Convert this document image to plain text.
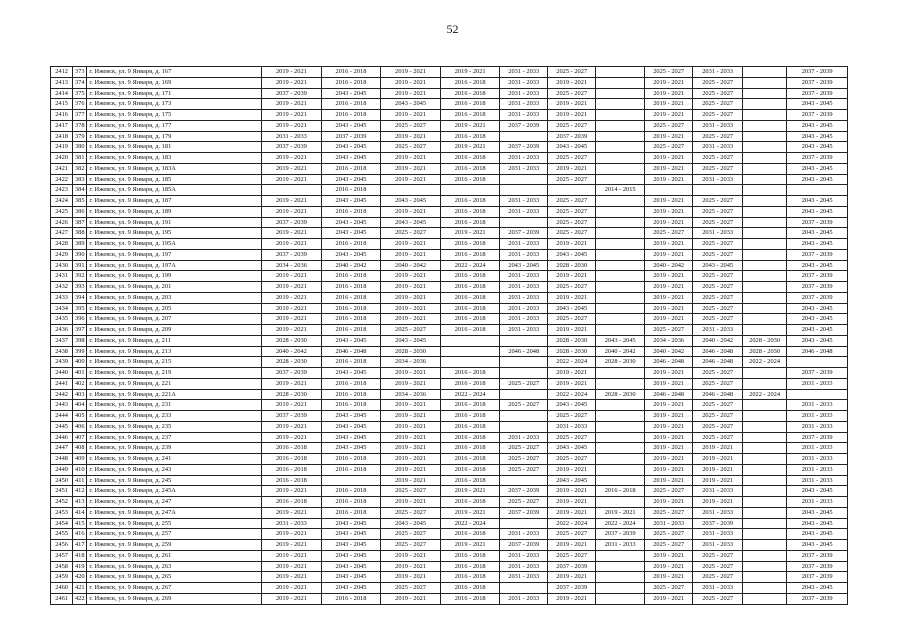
52
2412	373	г. Ижевск, ул. 9 Января, д. 167	2019 - 2021	2016 - 2018	2019 - 2021	2019 - 2021	2031 - 2033	2025 - 2027		2025 - 2027	2031 - 2033		2037 - 2039
2413	374	г. Ижевск, ул. 9 Января, д. 169	2019 - 2021	2016 - 2018	2019 - 2021	2016 - 2018	2031 - 2033	2019 - 2021		2019 - 2021	2025 - 2027		2037 - 2039
2414	375	г. Ижевск, ул. 9 Января, д. 171	2037 - 2039	2043 - 2045	2019 - 2021	2016 - 2018	2031 - 2033	2025 - 2027		2019 - 2021	2025 - 2027		2037 - 2039
2415	376	г. Ижевск, ул. 9 Января, д. 173	2019 - 2021	2016 - 2018	2043 - 2045	2016 - 2018	2031 - 2033	2019 - 2021		2019 - 2021	2025 - 2027		2043 - 2045
2416	377	г. Ижевск, ул. 9 Января, д. 175	2019 - 2021	2016 - 2018	2019 - 2021	2016 - 2018	2031 - 2033	2019 - 2021		2019 - 2021	2025 - 2027		2037 - 2039
2417	378	г. Ижевск, ул. 9 Января, д. 177	2019 - 2021	2043 - 2045	2025 - 2027	2019 - 2021	2037 - 2039	2025 - 2027		2025 - 2027	2031 - 2033		2043 - 2045
2418	379	г. Ижевск, ул. 9 Января, д. 179	2031 - 2033	2037 - 2039	2019 - 2021	2016 - 2018		2037 - 2039		2019 - 2021	2025 - 2027		2043 - 2045
2419	380	г. Ижевск, ул. 9 Января, д. 181	2037 - 2039	2043 - 2045	2025 - 2027	2019 - 2021	2037 - 2039	2043 - 2045		2025 - 2027	2031 - 2033		2043 - 2045
2420	381	г. Ижевск, ул. 9 Января, д. 183	2019 - 2021	2043 - 2045	2019 - 2021	2016 - 2018	2031 - 2033	2025 - 2027		2019 - 2021	2025 - 2027		2037 - 2039
2421	382	г. Ижевск, ул. 9 Января, д. 183А	2019 - 2021	2016 - 2018	2019 - 2021	2016 - 2018	2031 - 2033	2019 - 2021		2019 - 2021	2025 - 2027		2043 - 2045
2422	383	г. Ижевск, ул. 9 Января, д. 185	2019 - 2021	2043 - 2045	2019 - 2021	2016 - 2018		2025 - 2027		2019 - 2021	2031 - 2033		2043 - 2045
2423	384	г. Ижевск, ул. 9 Января, д. 185А		2016 - 2018					2014 - 2015				
2424	385	г. Ижевск, ул. 9 Января, д. 187	2019 - 2021	2043 - 2045	2043 - 2045	2016 - 2018	2031 - 2033	2025 - 2027		2019 - 2021	2025 - 2027		2043 - 2045
2425	386	г. Ижевск, ул. 9 Января, д. 189	2019 - 2021	2016 - 2018	2019 - 2021	2016 - 2018	2031 - 2033	2025 - 2027		2019 - 2021	2025 - 2027		2043 - 2045
2426	387	г. Ижевск, ул. 9 Января, д. 191	2037 - 2039	2043 - 2045	2043 - 2045	2016 - 2018		2025 - 2027		2019 - 2021	2025 - 2027		2037 - 2039
2427	388	г. Ижевск, ул. 9 Января, д. 195	2019 - 2021	2043 - 2045	2025 - 2027	2019 - 2021	2037 - 2039	2025 - 2027		2025 - 2027	2031 - 2033		2043 - 2045
2428	389	г. Ижевск, ул. 9 Января, д. 195А	2019 - 2021	2016 - 2018	2019 - 2021	2016 - 2018	2031 - 2033	2019 - 2021		2019 - 2021	2025 - 2027		2043 - 2045
2429	390	г. Ижевск, ул. 9 Января, д. 197	2037 - 2039	2043 - 2045	2019 - 2021	2016 - 2018	2031 - 2033	2043 - 2045		2019 - 2021	2025 - 2027		2037 - 2039
2430	391	г. Ижевск, ул. 9 Января, д. 197А	2034 - 2036	2040 - 2042	2040 - 2042	2022 - 2024	2043 - 2045	2028 - 2030		2040 - 2042	2043 - 2045		2043 - 2045
2431	392	г. Ижевск, ул. 9 Января, д. 199	2019 - 2021	2016 - 2018	2019 - 2021	2016 - 2018	2031 - 2033	2019 - 2021		2019 - 2021	2025 - 2027		2037 - 2039
2432	393	г. Ижевск, ул. 9 Января, д. 201	2019 - 2021	2016 - 2018	2019 - 2021	2016 - 2018	2031 - 2033	2025 - 2027		2019 - 2021	2025 - 2027		2037 - 2039
2433	394	г. Ижевск, ул. 9 Января, д. 203	2019 - 2021	2016 - 2018	2019 - 2021	2016 - 2018	2031 - 2033	2019 - 2021		2019 - 2021	2025 - 2027		2037 - 2039
2434	395	г. Ижевск, ул. 9 Января, д. 205	2019 - 2021	2016 - 2018	2019 - 2021	2016 - 2018	2031 - 2033	2043 - 2045		2019 - 2021	2025 - 2027		2043 - 2045
2435	396	г. Ижевск, ул. 9 Января, д. 207	2019 - 2021	2016 - 2018	2019 - 2021	2016 - 2018	2031 - 2033	2025 - 2027		2019 - 2021	2025 - 2027		2043 - 2045
2436	397	г. Ижевск, ул. 9 Января, д. 209	2019 - 2021	2016 - 2018	2025 - 2027	2016 - 2018	2031 - 2033	2019 - 2021		2025 - 2027	2031 - 2033		2043 - 2045
2437	398	г. Ижевск, ул. 9 Января, д. 211	2028 - 2030	2043 - 2045	2043 - 2045			2028 - 2030	2043 - 2045	2034 - 2036	2040 - 2042	2028 - 2030	2043 - 2045
2438	399	г. Ижевск, ул. 9 Января, д. 213	2040 - 2042	2046 - 2048	2028 - 2030		2046 - 2048	2028 - 2030	2040 - 2042	2040 - 2042	2046 - 2048	2028 - 2030	2046 - 2048
2439	400	г. Ижевск, ул. 9 Января, д. 215	2028 - 2030	2016 - 2018	2034 - 2036			2022 - 2024	2028 - 2030	2046 - 2048	2046 - 2048	2022 - 2024	
2440	401	г. Ижевск, ул. 9 Января, д. 219	2037 - 2039	2043 - 2045	2019 - 2021	2016 - 2018		2019 - 2021		2019 - 2021	2025 - 2027		2037 - 2039
2441	402	г. Ижевск, ул. 9 Января, д. 221	2019 - 2021	2016 - 2018	2019 - 2021	2016 - 2018	2025 - 2027	2019 - 2021		2019 - 2021	2025 - 2027		2031 - 2033
2442	403	г. Ижевск, ул. 9 Января, д. 221А	2028 - 2030	2016 - 2018	2034 - 2036	2022 - 2024		2022 - 2024	2028 - 2030	2046 - 2048	2046 - 2048	2022 - 2024	
2443	404	г. Ижевск, ул. 9 Января, д. 231	2019 - 2021	2016 - 2018	2019 - 2021	2016 - 2018	2025 - 2027	2043 - 2045		2019 - 2021	2025 - 2027		2031 - 2033
2444	405	г. Ижевск, ул. 9 Января, д. 233	2037 - 2039	2043 - 2045	2019 - 2021	2016 - 2018		2025 - 2027		2019 - 2021	2025 - 2027		2031 - 2033
2445	406	г. Ижевск, ул. 9 Января, д. 235	2019 - 2021	2043 - 2045	2019 - 2021	2016 - 2018		2031 - 2033		2019 - 2021	2025 - 2027		2031 - 2033
2446	407	г. Ижевск, ул. 9 Января, д. 237	2019 - 2021	2043 - 2045	2019 - 2021	2016 - 2018	2031 - 2033	2025 - 2027		2019 - 2021	2025 - 2027		2037 - 2039
2447	408	г. Ижевск, ул. 9 Января, д. 239	2016 - 2018	2043 - 2045	2019 - 2021	2016 - 2018	2025 - 2027	2043 - 2045		2019 - 2021	2019 - 2021		2031 - 2033
2448	409	г. Ижевск, ул. 9 Января, д. 241	2016 - 2018	2016 - 2018	2019 - 2021	2016 - 2018	2025 - 2027	2025 - 2027		2019 - 2021	2019 - 2021		2031 - 2033
2449	410	г. Ижевск, ул. 9 Января, д. 243	2016 - 2018	2016 - 2018	2019 - 2021	2016 - 2018	2025 - 2027	2019 - 2021		2019 - 2021	2019 - 2021		2031 - 2033
2450	411	г. Ижевск, ул. 9 Января, д. 245	2016 - 2018		2019 - 2021	2016 - 2018		2043 - 2045		2019 - 2021	2019 - 2021		2031 - 2033
2451	412	г. Ижевск, ул. 9 Января, д. 245А	2019 - 2021	2016 - 2018	2025 - 2027	2019 - 2021	2037 - 2039	2019 - 2021	2016 - 2018	2025 - 2027	2031 - 2033		2043 - 2045
2452	413	г. Ижевск, ул. 9 Января, д. 247	2016 - 2018	2016 - 2018	2019 - 2021	2016 - 2018	2025 - 2027	2019 - 2021		2019 - 2021	2019 - 2021		2031 - 2033
2453	414	г. Ижевск, ул. 9 Января, д. 247А	2019 - 2021	2016 - 2018	2025 - 2027	2019 - 2021	2037 - 2039	2019 - 2021	2019 - 2021	2025 - 2027	2031 - 2033		2043 - 2045
2454	415	г. Ижевск, ул. 9 Января, д. 255	2031 - 2033	2043 - 2045	2043 - 2045	2022 - 2024		2022 - 2024	2022 - 2024	2031 - 2033	2037 - 2039		2043 - 2045
2455	416	г. Ижевск, ул. 9 Января, д. 257	2019 - 2021	2043 - 2045	2025 - 2027	2016 - 2018	2031 - 2033	2025 - 2027	2037 - 2039	2025 - 2027	2031 - 2033		2043 - 2045
2456	417	г. Ижевск, ул. 9 Января, д. 259	2019 - 2021	2043 - 2045	2025 - 2027	2019 - 2021	2037 - 2039	2019 - 2021	2031 - 2033	2025 - 2027	2031 - 2033		2043 - 2045
2457	418	г. Ижевск, ул. 9 Января, д. 261	2019 - 2021	2043 - 2045	2019 - 2021	2016 - 2018	2031 - 2033	2025 - 2027		2019 - 2021	2025 - 2027		2037 - 2039
2458	419	г. Ижевск, ул. 9 Января, д. 263	2019 - 2021	2043 - 2045	2019 - 2021	2016 - 2018	2031 - 2033	2037 - 2039		2019 - 2021	2025 - 2027		2037 - 2039
2459	420	г. Ижевск, ул. 9 Января, д. 265	2019 - 2021	2043 - 2045	2019 - 2021	2016 - 2018	2031 - 2033	2019 - 2021		2019 - 2021	2025 - 2027		2037 - 2039
2460	421	г. Ижевск, ул. 9 Января, д. 267	2019 - 2021	2043 - 2045	2025 - 2027	2016 - 2018		2037 - 2039		2025 - 2027	2031 - 2033		2043 - 2045
2461	422	г. Ижевск, ул. 9 Января, д. 269	2019 - 2021	2016 - 2018	2019 - 2021	2016 - 2018	2031 - 2033	2019 - 2021		2019 - 2021	2025 - 2027		2037 - 2039
